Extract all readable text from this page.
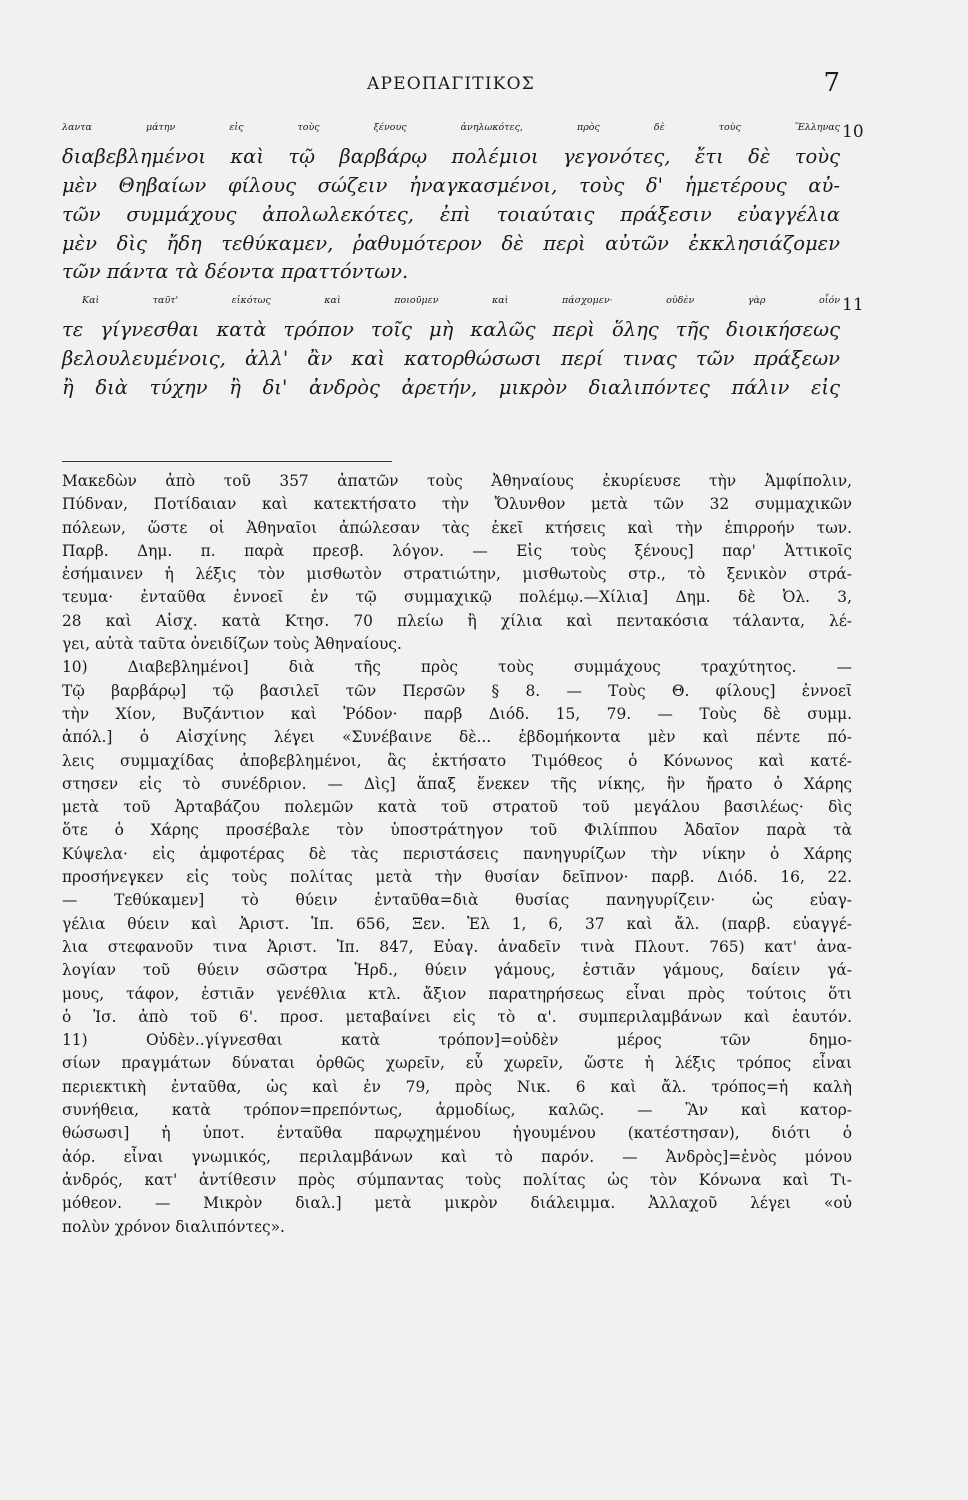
ΑΡΕΟΠΑΓΙΤΙΚΟΣ	7
λαντα μάτην εἰς τοὺς ξένους ἀνηλωκότες, πρὸς δὲ τοὺς Ἕλληνας 10
διαβεβλημένοι καὶ τῷ βαρβάρῳ πολέμιοι γεγονότες, ἔτι δὲ τοὺς
μὲν Θηβαίων φίλους σώζειν ἠναγκασμένοι, τοὺς δ' ἡμετέρους αὐ-
τῶν συμμάχους ἀπολωλεκότες, ἐπὶ τοιαύταις πράξεσιν εὐαγγέλια
μὲν δὶς ἤδη τεθύκαμεν, ῥαθυμότερον δὲ περὶ αὐτῶν ἐκκλησιάζομεν
τῶν πάντα τὰ δέοντα πραττόντων.
Καὶ ταῦτ' εἰκότως καὶ ποιοῦμεν καὶ πάσχομεν· οὐδὲν γὰρ οἷόν 11
τε γίγνεσθαι κατὰ τρόπον τοῖς μὴ καλῶς περὶ ὅλης τῆς διοικήσεως
βελουλευμένοις, ἀλλ' ἂν καὶ κατορθώσωσι περί τινας τῶν πράξεων
ἢ διὰ τύχην ἢ δι' ἀνδρὸς ἀρετήν, μικρὸν διαλιπόντες πάλιν εἰς
Μακεδὼν ἀπὸ τοῦ 357 ἀπατῶν τοὺς Ἀθηναίους ἐκυρίευσε τὴν Ἀμφίπολιν,
Πύδναν, Ποτίδαιαν καὶ κατεκτήσατο τὴν Ὄλυνθον μετὰ τῶν 32 συμμαχικῶν
πόλεων, ὥστε οἱ Ἀθηναῖοι ἀπώλεσαν τὰς ἐκεῖ κτήσεις καὶ τὴν ἐπιρροήν των.
Παρβ. Δημ. π. παρὰ πρεσβ. λόγον. — Εἰς τοὺς ξένους] παρ' Ἀττικοῖς
ἐσήμαινεν ἡ λέξις τὸν μισθωτὸν στρατιώτην, μισθωτοὺς στρ., τὸ ξενικὸν στρά-
τευμα· ἐνταῦθα ἐννοεῖ ἐν τῷ συμμαχικῷ πολέμῳ.—Χίλια] Δημ. δὲ Ὀλ. 3,
28 καὶ Αἰσχ. κατὰ Κτησ. 70 πλείω ἢ χίλια καὶ πεντακόσια τάλαντα, λέ-
γει, αὐτὰ ταῦτα ὀνειδίζων τοὺς Ἀθηναίους.
10) Διαβεβλημένοι] διὰ τῆς πρὸς τοὺς συμμάχους τραχύτητος. —
Τῷ βαρβάρῳ] τῷ βασιλεῖ τῶν Περσῶν § 8. — Τοὺς Θ. φίλους] ἐννοεῖ
τὴν Χίον, Βυζάντιον καὶ Ῥόδον· παρβ Διόδ. 15, 79. — Τοὺς δὲ συμμ.
ἀπόλ.] ὁ Αἰσχίνης λέγει «Συνέβαινε δὲ... ἑβδομήκοντα μὲν καὶ πέντε πό-
λεις συμμαχίδας ἀποβεβλημένοι, ἃς ἐκτήσατο Τιμόθεος ὁ Κόνωνος καὶ κατέ-
στησεν εἰς τὸ συνέδριον. — Δὶς] ἅπαξ ἕνεκεν τῆς νίκης, ἣν ἤρατο ὁ Χάρης
μετὰ τοῦ Ἀρταβάζου πολεμῶν κατὰ τοῦ στρατοῦ τοῦ μεγάλου βασιλέως· δὶς
ὅτε ὁ Χάρης προσέβαλε τὸν ὑποστράτηγον τοῦ Φιλίππου Ἀδαῖον παρὰ τὰ
Κύψελα· εἰς ἀμφοτέρας δὲ τὰς περιστάσεις πανηγυρίζων τὴν νίκην ὁ Χάρης
προσήνεγκεν εἰς τοὺς πολίτας μετὰ τὴν θυσίαν δεῖπνον· παρβ. Διόδ. 16, 22.
— Τεθύκαμεν] τὸ θύειν ἐνταῦθα=διὰ θυσίας πανηγυρίζειν· ὡς εὐαγ-
γέλια θύειν καὶ Ἀριστ. Ἱπ. 656, Ξεν. Ἑλ 1, 6, 37 καὶ ἄλ. (παρβ. εὐαγγέ-
λια στεφανοῦν τινα Ἀριστ. Ἱπ. 847, Εὐαγ. ἀναδεῖν τινὰ Πλουτ. 765) κατ' ἀνα-
λογίαν τοῦ θύειν σῶστρα Ἡρδ., θύειν γάμους, ἑστιᾶν γάμους, δαίειν γά-
μους, τάφον, ἑστιᾶν γενέθλια κτλ. ἄξιον παρατηρήσεως εἶναι πρὸς τούτοις ὅτι
ὁ Ἰσ. ἀπὸ τοῦ 6'. προσ. μεταβαίνει εἰς τὸ α'. συμπεριλαμβάνων καὶ ἑαυτόν.
11) Οὐδὲν..γίγνεσθαι κατὰ τρόπον]=οὐδὲν μέρος τῶν δημο-
σίων πραγμάτων δύναται ὀρθῶς χωρεῖν, εὖ χωρεῖν, ὥστε ἡ λέξις τρόπος εἶναι
περιεκτικὴ ἐνταῦθα, ὡς καὶ ἐν 79, πρὸς Νικ. 6 καὶ ἄλ. τρόπος=ἡ καλὴ
συνήθεια, κατὰ τρόπον=πρεπόντως, ἁρμοδίως, καλῶς. — Ἂν καὶ κατορ-
θώσωσι] ἡ ὑποτ. ἐνταῦθα παρῳχημένου ἡγουμένου (κατέστησαν), διότι ὁ
ἀόρ. εἶναι γνωμικός, περιλαμβάνων καὶ τὸ παρόν. — Ἀνδρὸς]=ἑνὸς μόνου
ἀνδρός, κατ' ἀντίθεσιν πρὸς σύμπαντας τοὺς πολίτας ὡς τὸν Κόνωνα καὶ Τι-
μόθεον. — Μικρὸν διαλ.] μετὰ μικρὸν διάλειμμα. Ἀλλαχοῦ λέγει «οὐ
πολὺν χρόνον διαλιπόντες».
